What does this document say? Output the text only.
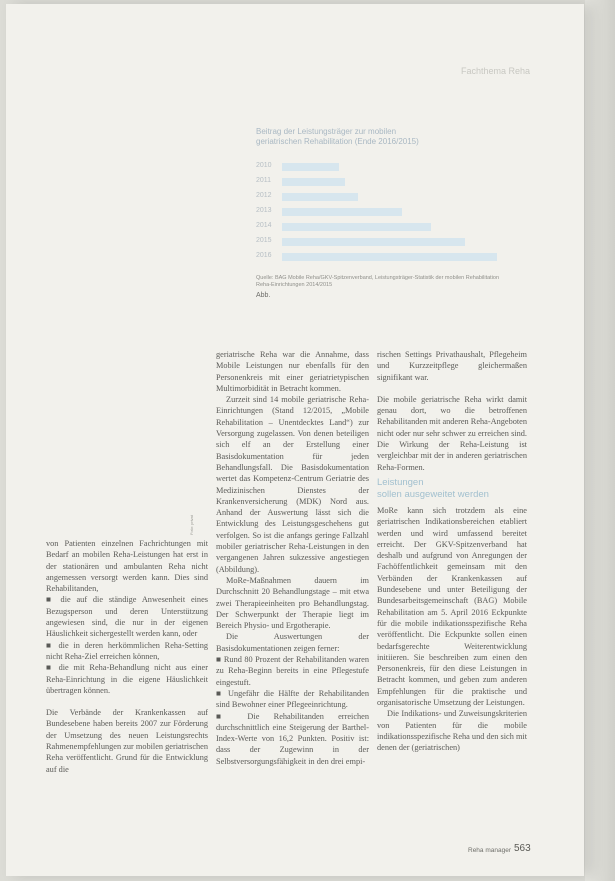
Fachthema Reha
Beitrag der Leistungsträger zur mobilen
geriatrischen Rehabilitation (Ende 2016/2015)
2010
2011
2012
2013
2014
2015
2016
Quelle: BAG Mobile Reha/GKV-Spitzenverband, Leistungsträger-Statistik der mobilen Rehabilitation
Reha-Einrichtungen 2014/2015
Abb.
Foto: privat

von Patienten einzelnen Fachrichtungen mit Bedarf an mobilen Reha-Leistungen hat erst in der stationären und ambulanten Reha nicht angemessen versorgt werden kann. Dies sind Rehabilitanden,

■ die auf die ständige Anwesenheit eines Bezugsperson und deren Unterstützung angewiesen sind, die nur in der eigenen Häuslichkeit sichergestellt werden kann, oder

■ die in deren herkömmlichen Reha-Setting nicht Reha-Ziel erreichen können,

■ die mit Reha-Behandlung nicht aus einer Reha-Einrichtung in die eigene Häuslichkeit übertragen können.

Die Verbände der Krankenkassen auf Bundesebene haben bereits 2007 zur Förderung der Umsetzung des neuen Leistungsrechts Rahmenempfehlungen zur mobilen geriatrischen Reha veröffentlicht. Grund für die Entwicklung auf die

geriatrische Reha war die Annahme, dass Mobile Leistungen nur ebenfalls für den Personenkreis mit einer geriatrietypischen Multimorbidität in Betracht kommen.

Zurzeit sind 14 mobile geriatrische Reha-Einrichtungen (Stand 12/2015, „Mobile Rehabilitation – Unentdecktes Land“) zur Versorgung zugelassen. Von denen beteiligen sich elf an der Erstellung einer Basisdokumentation für jeden Behandlungsfall. Die Basisdokumentation wertet das Kompetenz-Centrum Geriatrie des Medizinischen Dienstes der Krankenversicherung (MDK) Nord aus. Anhand der Auswertung lässt sich die Entwicklung des Leistungsgeschehens gut verfolgen. So ist die anfangs geringe Fallzahl mobiler geriatrischer Reha-Leistungen in den vergangenen Jahren sukzessive angestiegen (Abbildung).

MoRe-Maßnahmen dauern im Durchschnitt 20 Behandlungstage – mit etwa zwei Therapieeinheiten pro Behandlungstag. Der Schwerpunkt der Therapie liegt im Bereich Physio- und Ergotherapie.

Die Auswertungen der Basisdokumentationen zeigen ferner:

■ Rund 80 Prozent der Rehabilitanden waren zu Reha-Beginn bereits in eine Pflegestufe eingestuft.

■ Ungefähr die Hälfte der Rehabilitanden sind Bewohner einer Pflegeeinrichtung.

■ Die Rehabilitanden erreichen durchschnittlich eine Steigerung der Barthel-Index-Werte von 16,2 Punkten. Positiv ist: dass der Zugewinn in der Selbstversorgungsfähigkeit in den drei empi-

rischen Settings Privathaushalt, Pflegeheim und Kurzzeitpflege gleichermaßen signifikant war.

Die mobile geriatrische Reha wirkt damit genau dort, wo die betroffenen Rehabilitanden mit anderen Reha-Angeboten nicht oder nur sehr schwer zu erreichen sind. Die Wirkung der Reha-Leistung ist vergleichbar mit der in anderen geriatrischen Reha-Formen.

Leistungen
sollen ausgeweitet werden

MoRe kann sich trotzdem als eine geriatrischen Indikationsbereichen etabliert werden und wird umfassend bereitet erreicht. Der GKV-Spitzenverband hat deshalb und aufgrund von Anregungen der Fachöffentlichkeit gemeinsam mit den Verbänden der Krankenkassen auf Bundesebene und unter Beteiligung der Bundesarbeitsgemeinschaft (BAG) Mobile Rehabilitation am 5. April 2016 Eckpunkte für die mobile indikationsspezifische Reha veröffentlicht. Die Eckpunkte sollen einen bedarfsgerechte Weiterentwicklung initiieren. Sie beschreiben zum einen den Personenkreis, für den diese Leistungen in Betracht kommen, und geben zum anderen Empfehlungen für die praktische und organisatorische Umsetzung der Leistungen.

Die Indikations- und Zuweisungskriterien von Patienten für die mobile indikationsspezifische Reha und den sich mit denen der (geriatrischen)

Reha manager 563
